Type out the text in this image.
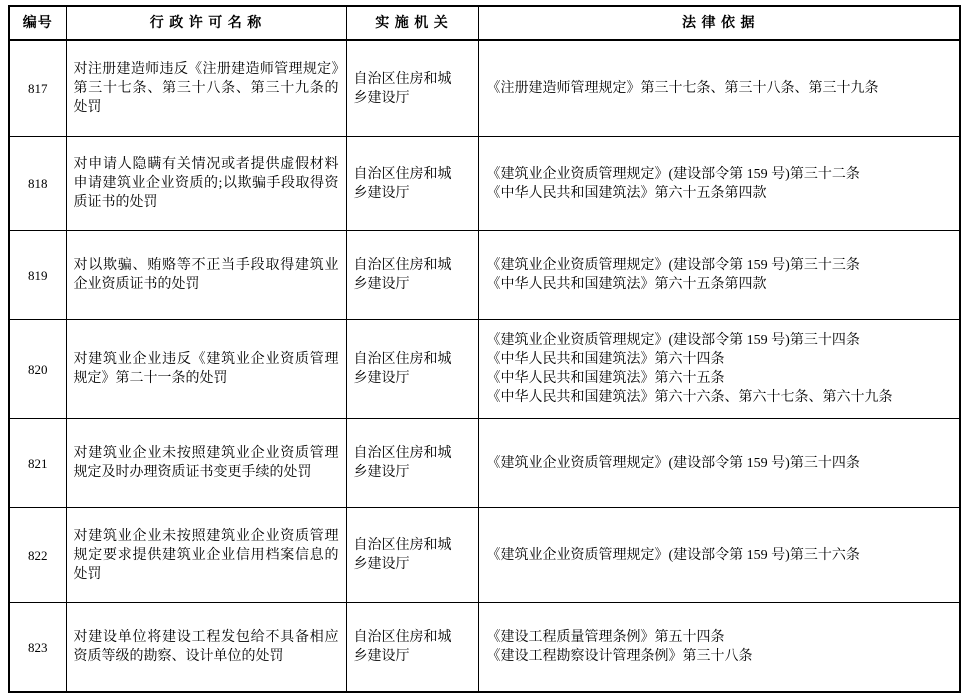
编号	行 政 许 可 名 称	实 施 机 关	法 律 依 据
817	对注册建造师违反《注册建造师管理规定》第三十七条、第三十八条、第三十九条的处罚	自治区住房和城乡建设厅	《注册建造师管理规定》第三十七条、第三十八条、第三十九条

818	对申请人隐瞒有关情况或者提供虚假材料申请建筑业企业资质的;以欺骗手段取得资质证书的处罚	自治区住房和城乡建设厅	《建筑业企业资质管理规定》(建设部令第 159 号)第三十二条
《中华人民共和国建筑法》第六十五条第四款

819	对以欺骗、贿赂等不正当手段取得建筑业企业资质证书的处罚	自治区住房和城乡建设厅	《建筑业企业资质管理规定》(建设部令第 159 号)第三十三条
《中华人民共和国建筑法》第六十五条第四款

820	对建筑业企业违反《建筑业企业资质管理规定》第二十一条的处罚	自治区住房和城乡建设厅	《建筑业企业资质管理规定》(建设部令第 159 号)第三十四条
《中华人民共和国建筑法》第六十四条
《中华人民共和国建筑法》第六十五条
《中华人民共和国建筑法》第六十六条、第六十七条、第六十九条

821	对建筑业企业未按照建筑业企业资质管理规定及时办理资质证书变更手续的处罚	自治区住房和城乡建设厅	《建筑业企业资质管理规定》(建设部令第 159 号)第三十四条

822	对建筑业企业未按照建筑业企业资质管理规定要求提供建筑业企业信用档案信息的处罚	自治区住房和城乡建设厅	《建筑业企业资质管理规定》(建设部令第 159 号)第三十六条

823	对建设单位将建设工程发包给不具备相应资质等级的勘察、设计单位的处罚	自治区住房和城乡建设厅	《建设工程质量管理条例》第五十四条
《建设工程勘察设计管理条例》第三十八条
